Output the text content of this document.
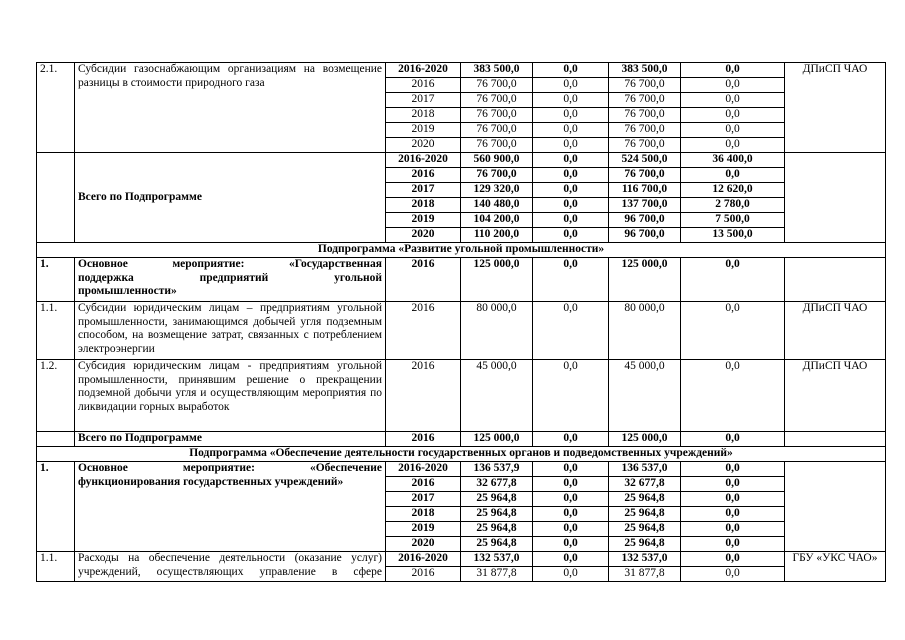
2.1.	Субсидии газоснабжающим организациям на возмещение разницы в стоимости природного газа	2016-2020	383 500,0	0,0	383 500,0	0,0	ДПиСП ЧАО
		2016	76 700,0	0,0	76 700,0	0,0	
		2017	76 700,0	0,0	76 700,0	0,0	
		2018	76 700,0	0,0	76 700,0	0,0	
		2019	76 700,0	0,0	76 700,0	0,0	
		2020	76 700,0	0,0	76 700,0	0,0	
	Всего по Подпрограмме	2016-2020	560 900,0	0,0	524 500,0	36 400,0	
		2016	76 700,0	0,0	76 700,0	0,0	
		2017	129 320,0	0,0	116 700,0	12 620,0	
		2018	140 480,0	0,0	137 700,0	2 780,0	
		2019	104 200,0	0,0	96 700,0	7 500,0	
		2020	110 200,0	0,0	96 700,0	13 500,0	
Подпрограмма «Развитие угольной промышленности»							
1.	Основное мероприятие: «Государственная
поддержка предприятий угольной
промышленности»	2016	125 000,0	0,0	125 000,0	0,0	
1.1.	Субсидии юридическим лицам – предприятиям угольной промышленности, занимающимся добычей угля подземным способом, на возмещение затрат, связанных с потреблением электроэнергии	2016	80 000,0	0,0	80 000,0	0,0	ДПиСП ЧАО
1.2.	Субсидия юридическим лицам - предприятиям угольной промышленности, принявшим решение о прекращении подземной добычи угля и осуществляющим мероприятия по ликвидации горных выработок	2016	45 000,0	0,0	45 000,0	0,0	ДПиСП ЧАО
	Всего по Подпрограмме	2016	125 000,0	0,0	125 000,0	0,0	
Подпрограмма «Обеспечение деятельности государственных органов и подведомственных учреждений»							
1.	Основное мероприятие: «Обеспечение
функционирования государственных учреждений»	2016-2020	136 537,9	0,0	136 537,0	0,0	
		2016	32 677,8	0,0	32 677,8	0,0	
		2017	25 964,8	0,0	25 964,8	0,0	
		2018	25 964,8	0,0	25 964,8	0,0	
		2019	25 964,8	0,0	25 964,8	0,0	
		2020	25 964,8	0,0	25 964,8	0,0	
1.1.	Расходы на обеспечение деятельности (оказание услуг)
учреждений, осуществляющих управление в сфере	2016-2020	132 537,0	0,0	132 537,0	0,0	ГБУ «УКС ЧАО»
		2016	31 877,8	0,0	31 877,8	0,0	
